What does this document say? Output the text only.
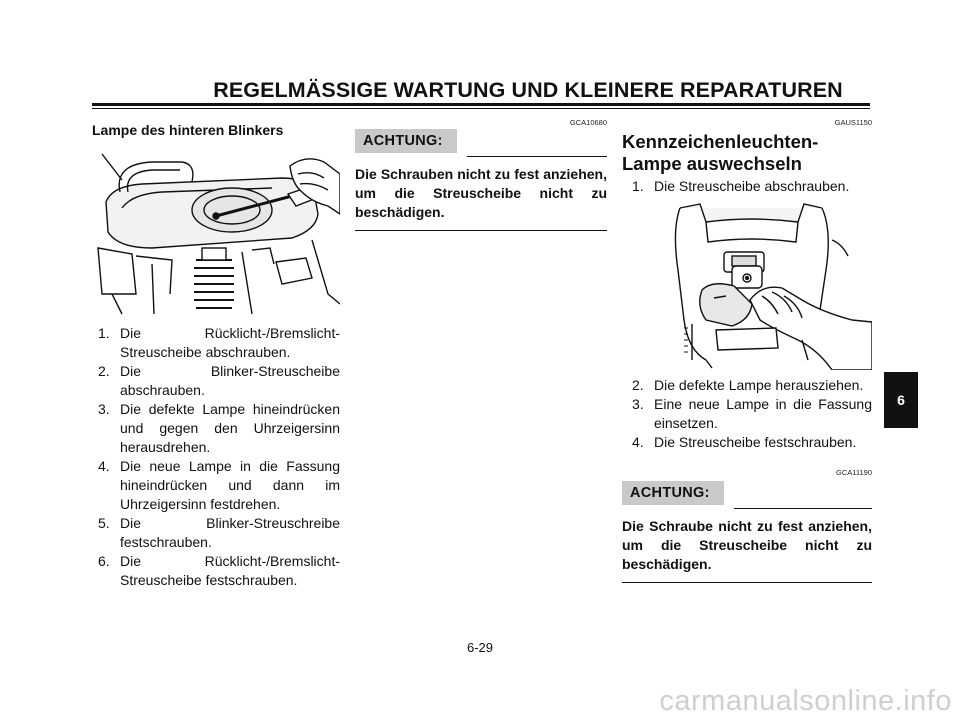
REGELMÄSSIGE WARTUNG UND KLEINERE REPARATUREN
Lampe des hinteren Blinkers
1. Die Rücklicht-/Bremslicht-Streuscheibe abschrauben.
2. Die Blinker-Streuscheibe abschrauben.
3. Die defekte Lampe hineindrücken und gegen den Uhrzeigersinn herausdrehen.
4. Die neue Lampe in die Fassung hineindrücken und dann im Uhrzeigersinn festdrehen.
5. Die Blinker-Streuschreibe festschrauben.
6. Die Rücklicht-/Bremslicht-Streuscheibe festschrauben.
GCA10680
ACHTUNG:
Die Schrauben nicht zu fest anziehen, um die Streuscheibe nicht zu beschädigen.
GAUS1150
Kennzeichenleuchten-Lampe auswechseln
1. Die Streuscheibe abschrauben.
2. Die defekte Lampe herausziehen.
3. Eine neue Lampe in die Fassung einsetzen.
4. Die Streuscheibe festschrauben.
GCA11190
ACHTUNG:
Die Schraube nicht zu fest anziehen, um die Streuscheibe nicht zu beschädigen.
6
6-29
carmanualsonline.info
